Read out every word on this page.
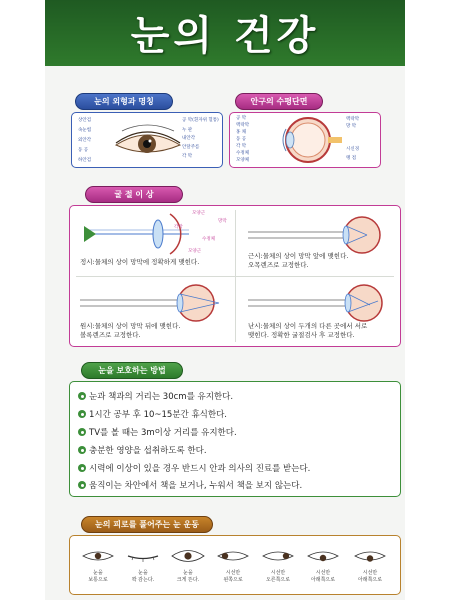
눈의 건강
눈의 외형과 명칭	안구의 수평단면
상안검
속눈썹
외안각
동 공
하안검
공 막(흰자위 혈통)
누 관
내안각
안달주름
각 막
공 막
맥락막
홍 채
동 공
각 막
수정체
모양체
맥락막
망 막
시신경
맹 점
굴 절 이 상
모양근
망막
각막
수정체
모양근
정시:물체의 상이 망막에 정확하게 맺힌다.
근시:물체의 상이 망막 앞에 맺힌다.
오목렌즈로 교정한다.
원시:물체의 상이 망막 뒤에 맺힌다.
볼록렌즈로 교정한다.
난시:물체의 상이 두개의 다른 곳에서 서로
맺힌다. 정확한 굴절검사 후 교정한다.
눈을 보호하는 방법
눈과 책과의 거리는 30cm를 유지한다.
1시간 공부 후 10~15분간 휴식한다.
TV를 볼 때는 3m이상 거리를 유지한다.
충분한 영양을 섭취하도록 한다.
시력에 이상이 있을 경우 반드시 안과 의사의 진료를 받는다.
움직이는 차안에서 책을 보거나, 누워서 책을 보지 않는다.
눈의 피로를 풀어주는 눈 운동
눈을
보통으로
눈을
꽉 감는다.
눈을
크게 뜬다.
시선만
왼쪽으로
시선만
오른쪽으로
시선만
아래쪽으로
시선만
아래쪽으로
